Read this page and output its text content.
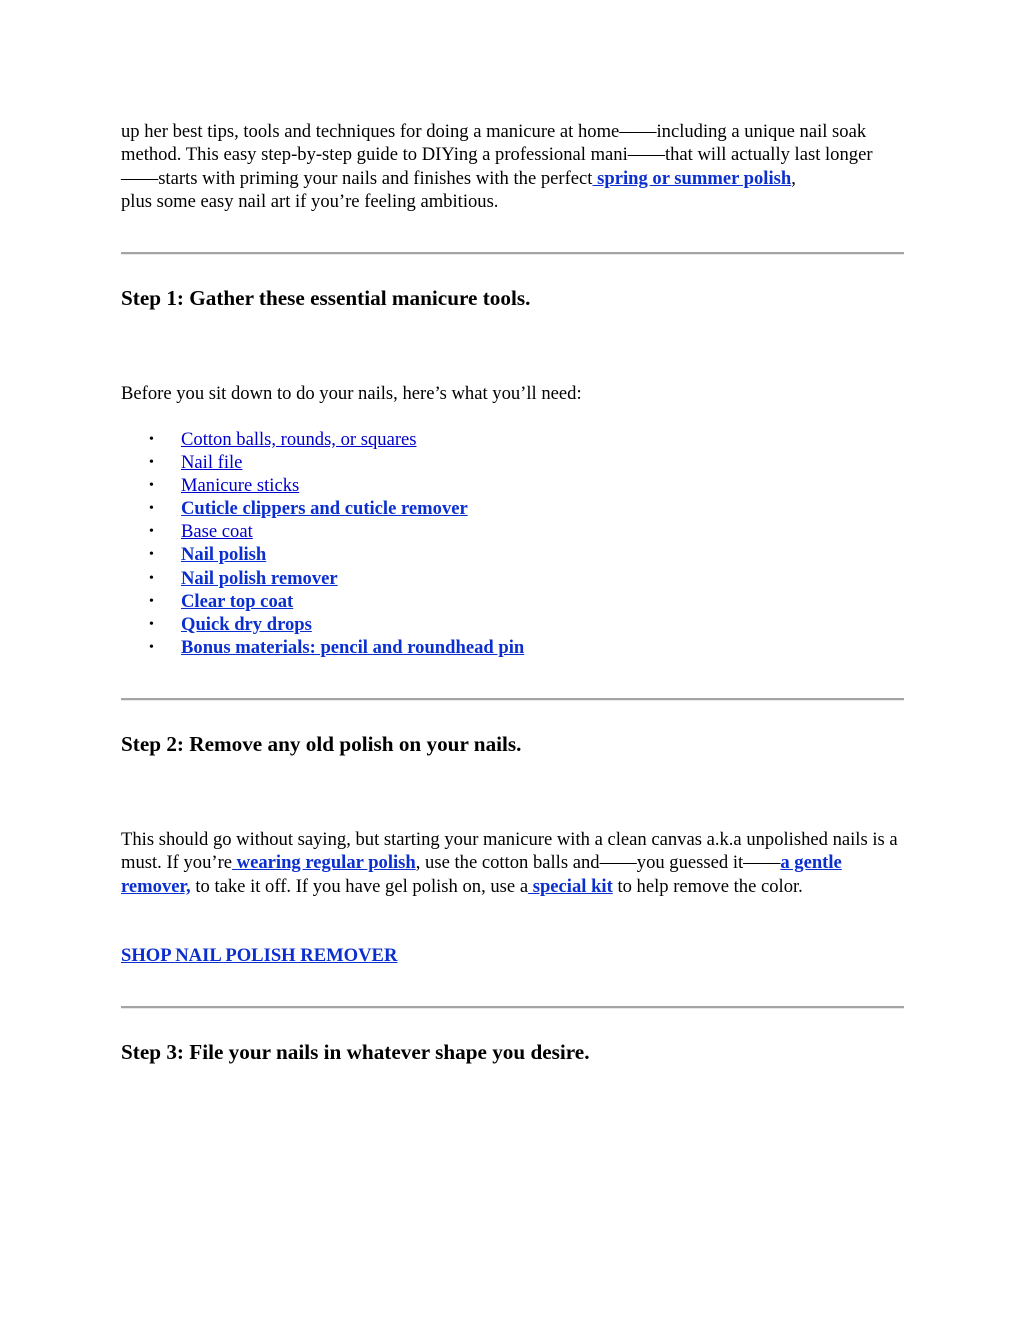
up her best tips, tools and techniques for doing a manicure at home——including a unique nail soak method. This easy step-by-step guide to DIYing a professional mani——that will actually last longer——starts with priming your nails and finishes with the perfect spring or summer polish,
plus some easy nail art if you’re feeling ambitious.

Step 1: Gather these essential manicure tools.

Before you sit down to do your nails, here’s what you’ll need:

• Cotton balls, rounds, or squares
• Nail file
• Manicure sticks
• Cuticle clippers and cuticle remover
• Base coat
• Nail polish
• Nail polish remover
• Clear top coat
• Quick dry drops
• Bonus materials: pencil and roundhead pin
Step 2: Remove any old polish on your nails.

This should go without saying, but starting your manicure with a clean canvas a.k.a unpolished nails is a must. If you’re wearing regular polish, use the cotton balls and——you guessed it——a gentle remover, to take it off. If you have gel polish on, use a special kit to help remove the color.

SHOP NAIL POLISH REMOVER

Step 3: File your nails in whatever shape you desire.
